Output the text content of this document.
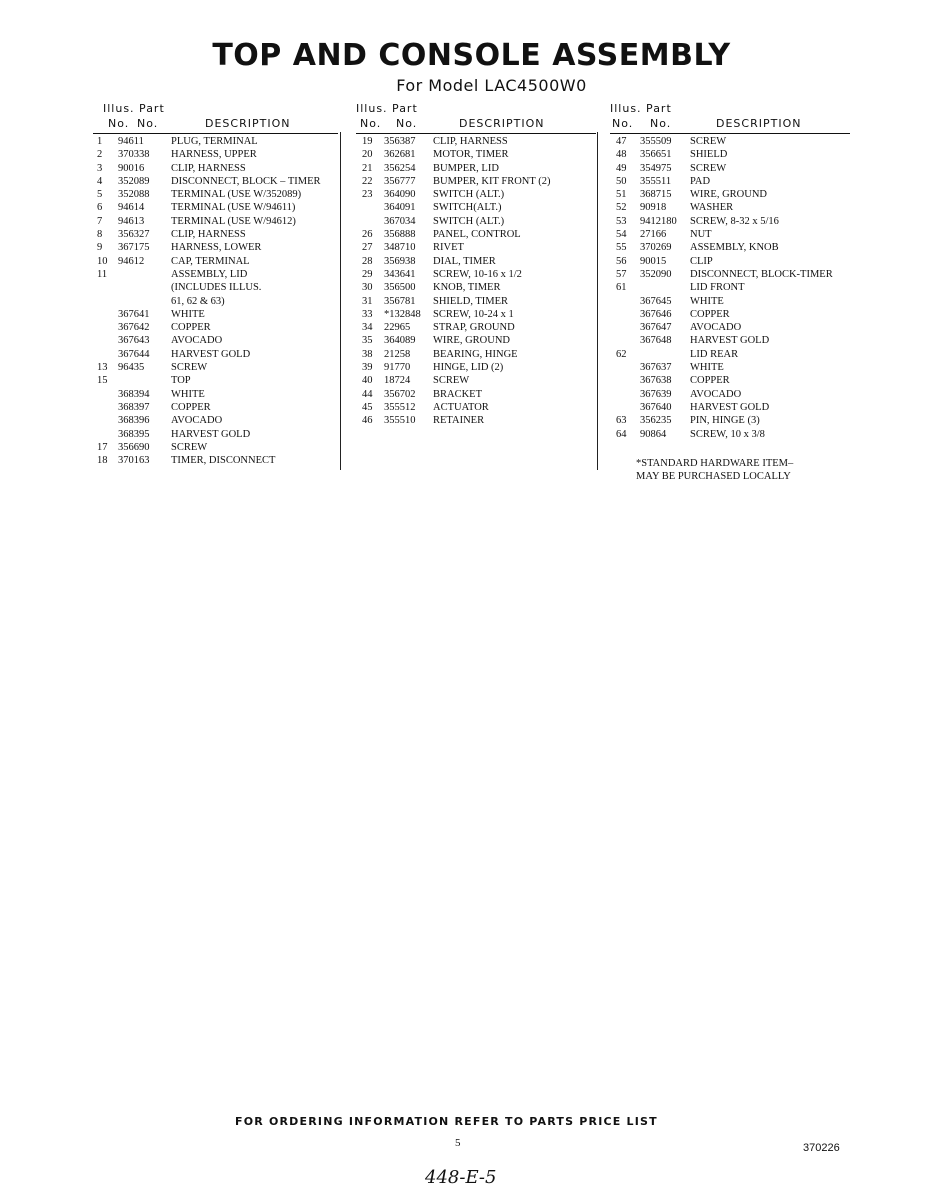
TOP AND CONSOLE ASSEMBLY
For Model LAC4500W0
Illus. Part
No. No.	DESCRIPTION
1 94611	PLUG, TERMINAL
2 370338 HARNESS, UPPER
3 90016	CLIP, HARNESS
4 352089 DISCONNECT, BLOCK – TIMER
5 352088 TERMINAL (USE W/352089)
6 94614	TERMINAL (USE W/94611)
7 94613	TERMINAL (USE W/94612)
8 356327 CLIP, HARNESS
9 367175 HARNESS, LOWER
10 94612	CAP, TERMINAL
11	ASSEMBLY, LID
(INCLUDES ILLUS.
61, 62 & 63)
367641 WHITE
367642 COPPER
367643 AVOCADO
367644 HARVEST GOLD
13 96435	SCREW
15	TOP
368394 WHITE
368397 COPPER
368396 AVOCADO
368395 HARVEST GOLD
17 356690 SCREW
18 370163 TIMER, DISCONNECT
Illus. Part
No. No.	DESCRIPTION
19 356387 CLIP, HARNESS
20 362681 MOTOR, TIMER
21 356254 BUMPER, LID
22 356777 BUMPER, KIT FRONT (2)
23 364090 SWITCH (ALT.)
364091 SWITCH(ALT.)
367034 SWITCH (ALT.)
26 356888 PANEL, CONTROL
27 348710 RIVET
28 356938 DIAL, TIMER
29 343641 SCREW, 10-16 x 1/2
30 356500 KNOB, TIMER
31 356781 SHIELD, TIMER
33 *132848 SCREW, 10-24 x 1
34 22965 STRAP, GROUND
35 364089 WIRE, GROUND
38 21258 BEARING, HINGE
39 91770 HINGE, LID (2)
40 18724 SCREW
44 356702 BRACKET
45 355512 ACTUATOR
46 355510 RETAINER
Illus. Part
No. No.	DESCRIPTION
47 355509 SCREW
48 356651 SHIELD
49 354975 SCREW
50 355511 PAD
51 368715 WIRE, GROUND
52 90918 WASHER
53 9412180 SCREW, 8-32 x 5/16
54 27166 NUT
55 370269 ASSEMBLY, KNOB
56 90015 CLIP
57 352090 DISCONNECT, BLOCK-TIMER
61	LID FRONT
367645 WHITE
367646 COPPER
367647 AVOCADO
367648 HARVEST GOLD
62	LID REAR
367637 WHITE
367638 COPPER
367639 AVOCADO
367640 HARVEST GOLD
63 356235 PIN, HINGE (3)
64 90864 SCREW, 10 x 3/8
*STANDARD HARDWARE ITEM–
MAY BE PURCHASED LOCALLY
FOR ORDERING INFORMATION REFER TO PARTS PRICE LIST
5	370226
448-E-5
